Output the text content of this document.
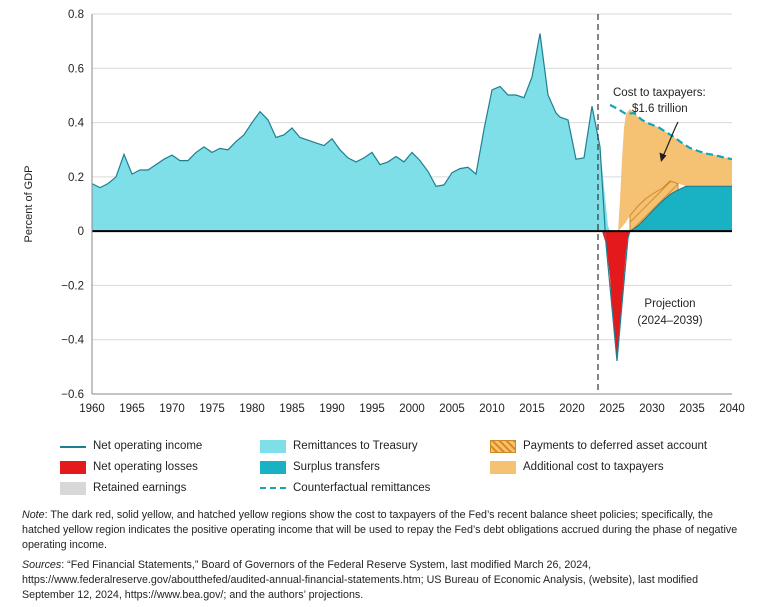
0.8
0.6
0.4
0.2
0
−0.2
−0.4
−0.6
Percent of GDP
1960 1965 1970 1975 1980 1985 1990 1995 2000 2005 2010 2015 2020 2025 2030 2035 2040
Cost to taxpayers:
$1.6 trillion
Projection
(2024–2039)
Net operating income	Remittances to Treasury	Payments to deferred asset account
Net operating losses	Surplus transfers	Additional cost to taxpayers
Retained earnings	Counterfactual remittances

Note: The dark red, solid yellow, and hatched yellow regions show the cost to taxpayers of the Fed’s recent balance sheet policies; specifically, the hatched yellow region indicates the positive operating income that will be used to repay the Fed’s debt obligations accrued during the phase of negative operating income.

Sources: “Fed Financial Statements,” Board of Governors of the Federal Reserve System, last modified March 26, 2024, https://www.federalreserve.gov/aboutthefed/audited-annual-financial-statements.htm; US Bureau of Economic Analysis, (website), last modified September 12, 2024, https://www.bea.gov/; and the authors’ projections.
